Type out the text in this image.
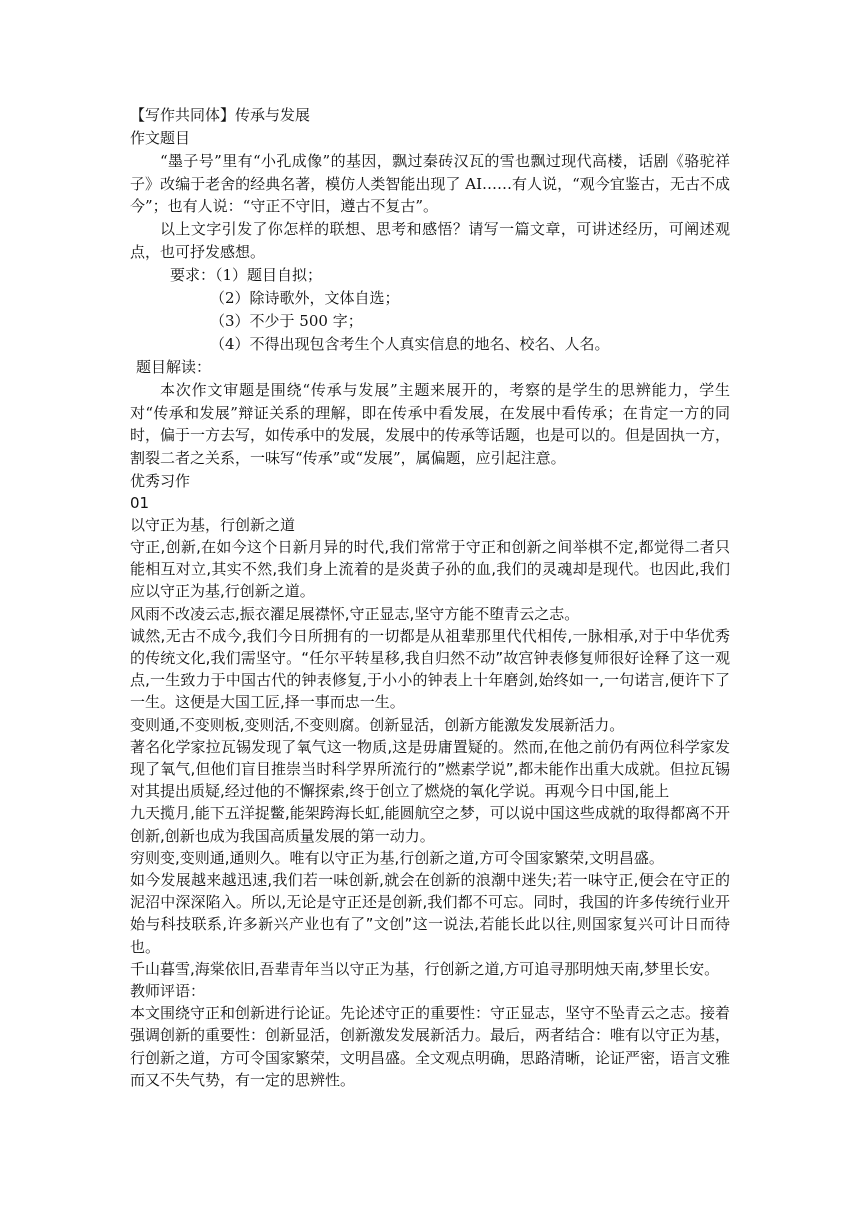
【写作共同体】传承与发展
作文题目

“墨子号”里有“小孔成像”的基因，飘过秦砖汉瓦的雪也飘过现代高楼，话剧《骆驼祥子》改编于老舍的经典名著，模仿人类智能出现了 AI……有人说，“观今宜鉴古，无古不成今”；也有人说：“守正不守旧，遵古不复古”。

以上文字引发了你怎样的联想、思考和感悟？请写一篇文章，可讲述经历，可阐述观点，也可抒发感想。

要求：（1）题目自拟；
（2）除诗歌外，文体自选；
（3）不少于 500 字；
（4）不得出现包含考生个人真实信息的地名、校名、人名。
题目解读：

本次作文审题是围绕“传承与发展”主题来展开的，考察的是学生的思辨能力，学生对“传承和发展”辩证关系的理解，即在传承中看发展，在发展中看传承；在肯定一方的同时，偏于一方去写，如传承中的发展，发展中的传承等话题，也是可以的。但是固执一方，割裂二者之关系，一味写“传承”或“发展”，属偏题，应引起注意。

优秀习作
01
以守正为基，行创新之道

守正,创新,在如今这个日新月异的时代,我们常常于守正和创新之间举棋不定,都觉得二者只能相互对立,其实不然,我们身上流着的是炎黄子孙的血,我们的灵魂却是现代。也因此,我们应以守正为基,行创新之道。

风雨不改凌云志,振衣濯足展襟怀,守正显志,坚守方能不堕青云之志。

诚然,无古不成今,我们今日所拥有的一切都是从祖辈那里代代相传,一脉相承,对于中华优秀的传统文化,我们需坚守。“任尔平转星移,我自归然不动”故宫钟表修复师很好诠释了这一观点,一生致力于中国古代的钟表修复,于小小的钟表上十年磨剑,始终如一,一句诺言,便许下了一生。这便是大国工匠,择一事而忠一生。

变则通,不变则板,变则活,不变则腐。创新显活，创新方能激发发展新活力。

著名化学家拉瓦锡发现了氧气这一物质,这是毋庸置疑的。然而,在他之前仍有两位科学家发现了氧气,但他们盲目推崇当时科学界所流行的”燃素学说”,都未能作出重大成就。但拉瓦锡对其提出质疑,经过他的不懈探索,终于创立了燃烧的氧化学说。再观今日中国,能上

九天揽月,能下五洋捉鳖,能架跨海长虹,能圆航空之梦，可以说中国这些成就的取得都离不开创新,创新也成为我国高质量发展的第一动力。

穷则变,变则通,通则久。唯有以守正为基,行创新之道,方可令国家繁荣,文明昌盛。

如今发展越来越迅速,我们若一味创新,就会在创新的浪潮中迷失;若一味守正,便会在守正的泥沼中深深陷入。所以,无论是守正还是创新,我们都不可忘。同时，我国的许多传统行业开始与科技联系,许多新兴产业也有了”文创”这一说法,若能长此以往,则国家复兴可计日而待也。

千山暮雪,海棠依旧,吾辈青年当以守正为基，行创新之道,方可追寻那明烛天南,梦里长安。

教师评语：

本文围绕守正和创新进行论证。先论述守正的重要性：守正显志，坚守不坠青云之志。接着强调创新的重要性：创新显活，创新激发发展新活力。最后，两者结合：唯有以守正为基，行创新之道，方可令国家繁荣，文明昌盛。全文观点明确，思路清晰，论证严密，语言文雅而又不失气势，有一定的思辨性。
